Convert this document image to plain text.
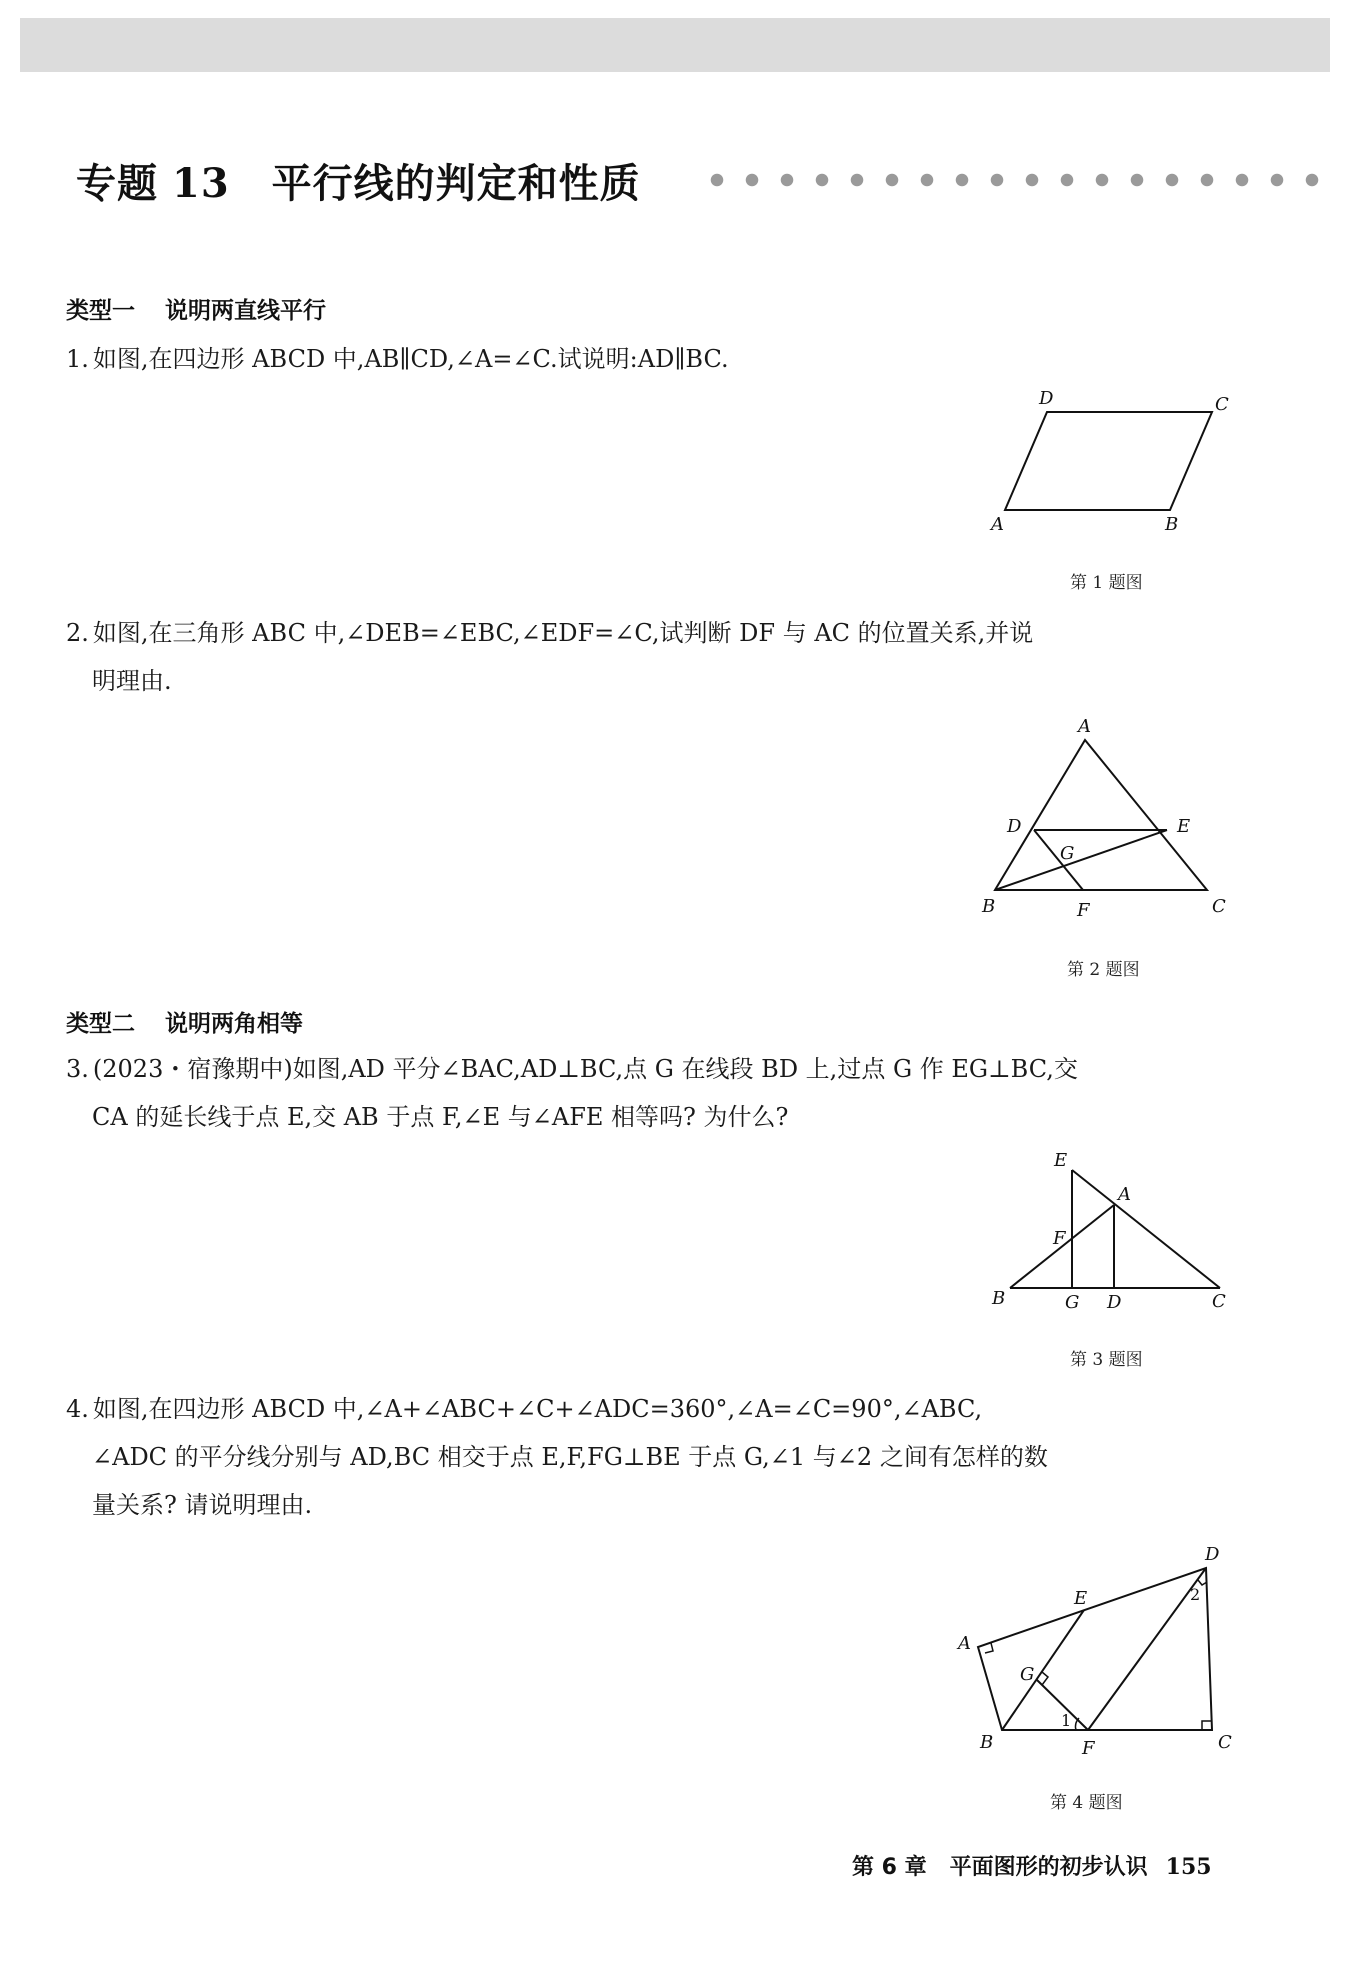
专题 13 平行线的判定和性质
类型一 说明两直线平行
1. 如图,在四边形 ABCD 中,AB∥CD,∠A=∠C.试说明:AD∥BC.
A	B
C
D

第 1 题图

2. 如图,在三角形 ABC 中,∠DEB=∠EBC,∠EDF=∠C,试判断 DF 与 AC 的位置关系,并说
明理由.
A
B	C
D	E
F
G

第 2 题图

类型二 说明两角相等
3. (2023・宿豫期中)如图,AD 平分∠BAC,AD⊥BC,点 G 在线段 BD 上,过点 G 作 EG⊥BC,交
CA 的延长线于点 E,交 AB 于点 F,∠E 与∠AFE 相等吗? 为什么?
E
A
F
B	G D	C

第 3 题图

4. 如图,在四边形 ABCD 中,∠A+∠ABC+∠C+∠ADC=360°,∠A=∠C=90°,∠ABC,
∠ADC 的平分线分别与 AD,BC 相交于点 E,F,FG⊥BE 于点 G,∠1 与∠2 之间有怎样的数
量关系? 请说明理由.
A
B	C
D
E
F
G
1
2

第 4 题图

第 6 章 平面图形的初步认识 155
